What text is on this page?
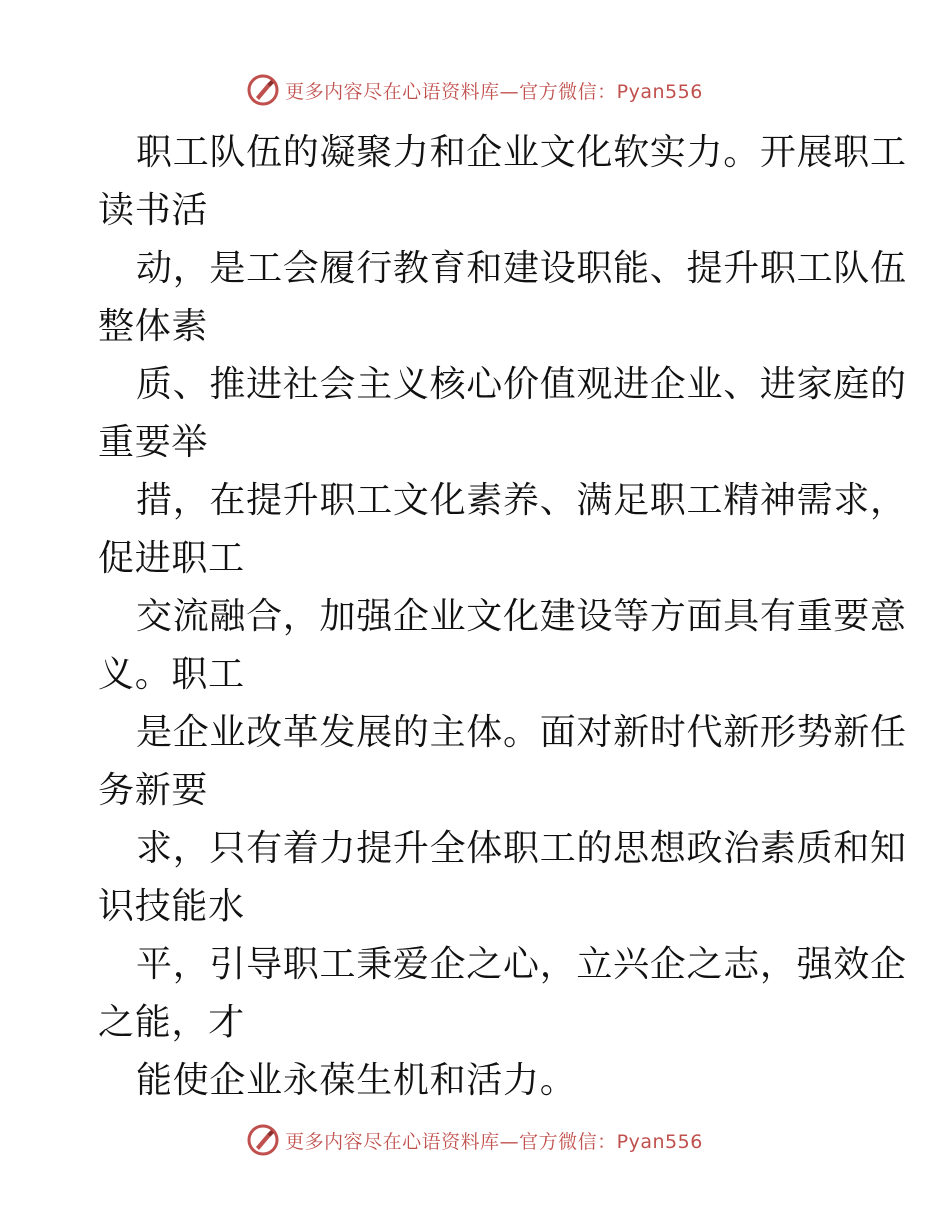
更多内容尽在心语资料库—官方微信：Pyan556
职工队伍的凝聚力和企业文化软实力。开展职工
读书活
动，是工会履行教育和建设职能、提升职工队伍
整体素
质、推进社会主义核心价值观进企业、进家庭的
重要举
措，在提升职工文化素养、满足职工精神需求，
促进职工
交流融合，加强企业文化建设等方面具有重要意
义。职工
是企业改革发展的主体。面对新时代新形势新任
务新要
求，只有着力提升全体职工的思想政治素质和知
识技能水
平，引导职工秉爱企之心，立兴企之志，强效企
之能，才
能使企业永葆生机和活力。
更多内容尽在心语资料库—官方微信：Pyan556
